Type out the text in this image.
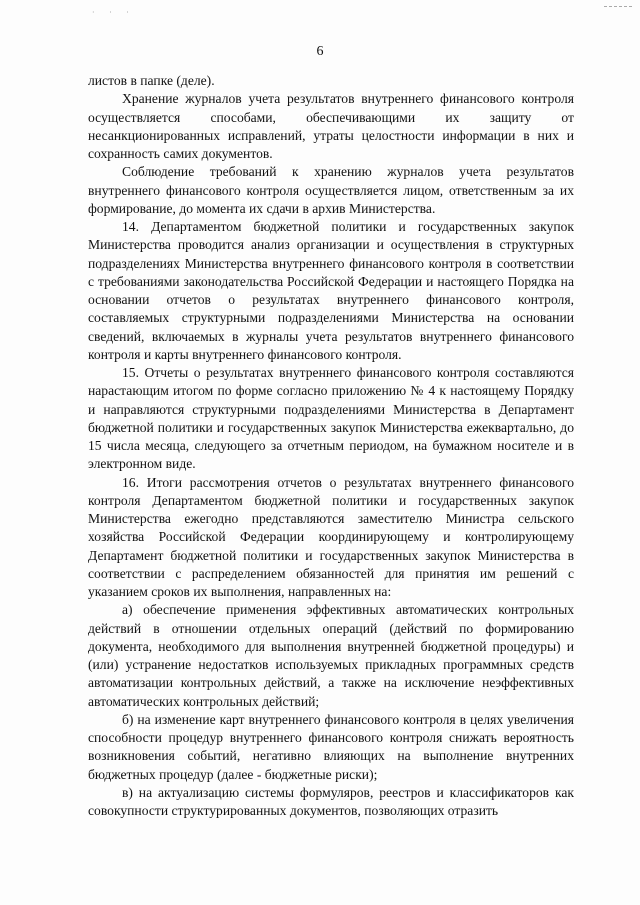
· · ·
6

листов в папке (деле).

Хранение журналов учета результатов внутреннего финансового контроля осуществляется способами, обеспечивающими их защиту от несанкционированных исправлений, утраты целостности информации в них и сохранность самих документов.

Соблюдение требований к хранению журналов учета результатов внутреннего финансового контроля осуществляется лицом, ответственным за их формирование, до момента их сдачи в архив Министерства.

14. Департаментом бюджетной политики и государственных закупок Министерства проводится анализ организации и осуществления в структурных подразделениях Министерства внутреннего финансового контроля в соответствии с требованиями законодательства Российской Федерации и настоящего Порядка на основании отчетов о результатах внутреннего финансового контроля, составляемых структурными подразделениями Министерства на основании сведений, включаемых в журналы учета результатов внутреннего финансового контроля и карты внутреннего финансового контроля.

15. Отчеты о результатах внутреннего финансового контроля составляются нарастающим итогом по форме согласно приложению № 4 к настоящему Порядку и направляются структурными подразделениями Министерства в Департамент бюджетной политики и государственных закупок Министерства ежеквартально, до 15 числа месяца, следующего за отчетным периодом, на бумажном носителе и в электронном виде.

16. Итоги рассмотрения отчетов о результатах внутреннего финансового контроля Департаментом бюджетной политики и государственных закупок Министерства ежегодно представляются заместителю Министра сельского хозяйства Российской Федерации координирующему и контролирующему Департамент бюджетной политики и государственных закупок Министерства в соответствии с распределением обязанностей для принятия им решений с указанием сроков их выполнения, направленных на:

а) обеспечение применения эффективных автоматических контрольных действий в отношении отдельных операций (действий по формированию документа, необходимого для выполнения внутренней бюджетной процедуры) и (или) устранение недостатков используемых прикладных программных средств автоматизации контрольных действий, а также на исключение неэффективных автоматических контрольных действий;

б) на изменение карт внутреннего финансового контроля в целях увеличения способности процедур внутреннего финансового контроля снижать вероятность возникновения событий, негативно влияющих на выполнение внутренних бюджетных процедур (далее - бюджетные риски);

в) на актуализацию системы формуляров, реестров и классификаторов как совокупности структурированных документов, позволяющих отразить
